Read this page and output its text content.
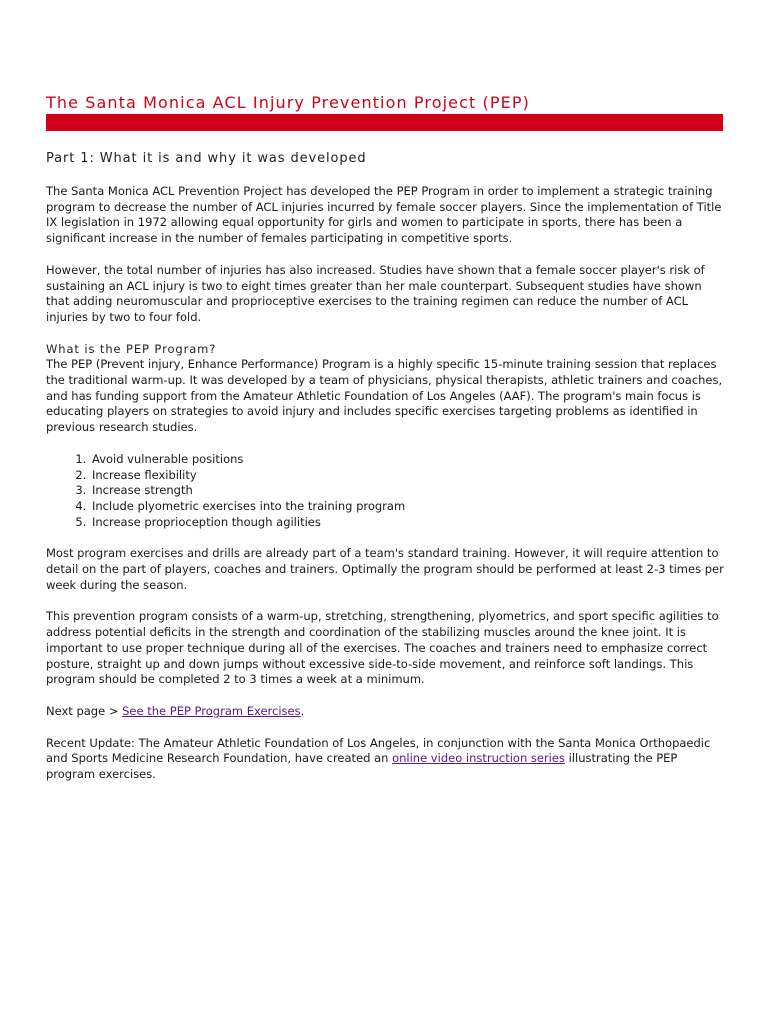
The Santa Monica ACL Injury Prevention Project (PEP)
Part 1: What it is and why it was developed

The Santa Monica ACL Prevention Project has developed the PEP Program in order to implement a strategic training program to decrease the number of ACL injuries incurred by female soccer players. Since the implementation of Title IX legislation in 1972 allowing equal opportunity for girls and women to participate in sports, there has been a significant increase in the number of females participating in competitive sports.

However, the total number of injuries has also increased. Studies have shown that a female soccer player's risk of sustaining an ACL injury is two to eight times greater than her male counterpart. Subsequent studies have shown that adding neuromuscular and proprioceptive exercises to the training regimen can reduce the number of ACL injuries by two to four fold.

What is the PEP Program?

The PEP (Prevent injury, Enhance Performance) Program is a highly specific 15-minute training session that replaces the traditional warm-up. It was developed by a team of physicians, physical therapists, athletic trainers and coaches, and has funding support from the Amateur Athletic Foundation of Los Angeles (AAF). The program's main focus is educating players on strategies to avoid injury and includes specific exercises targeting problems as identified in previous research studies.

1. Avoid vulnerable positions
2. Increase flexibility
3. Increase strength
4. Include plyometric exercises into the training program
5. Increase proprioception though agilities

Most program exercises and drills are already part of a team's standard training. However, it will require attention to detail on the part of players, coaches and trainers. Optimally the program should be performed at least 2-3 times per week during the season.

This prevention program consists of a warm-up, stretching, strengthening, plyometrics, and sport specific agilities to address potential deficits in the strength and coordination of the stabilizing muscles around the knee joint. It is important to use proper technique during all of the exercises. The coaches and trainers need to emphasize correct posture, straight up and down jumps without excessive side-to-side movement, and reinforce soft landings. This program should be completed 2 to 3 times a week at a minimum.

Next page > See the PEP Program Exercises.

Recent Update: The Amateur Athletic Foundation of Los Angeles, in conjunction with the Santa Monica Orthopaedic and Sports Medicine Research Foundation, have created an online video instruction series illustrating the PEP program exercises.
